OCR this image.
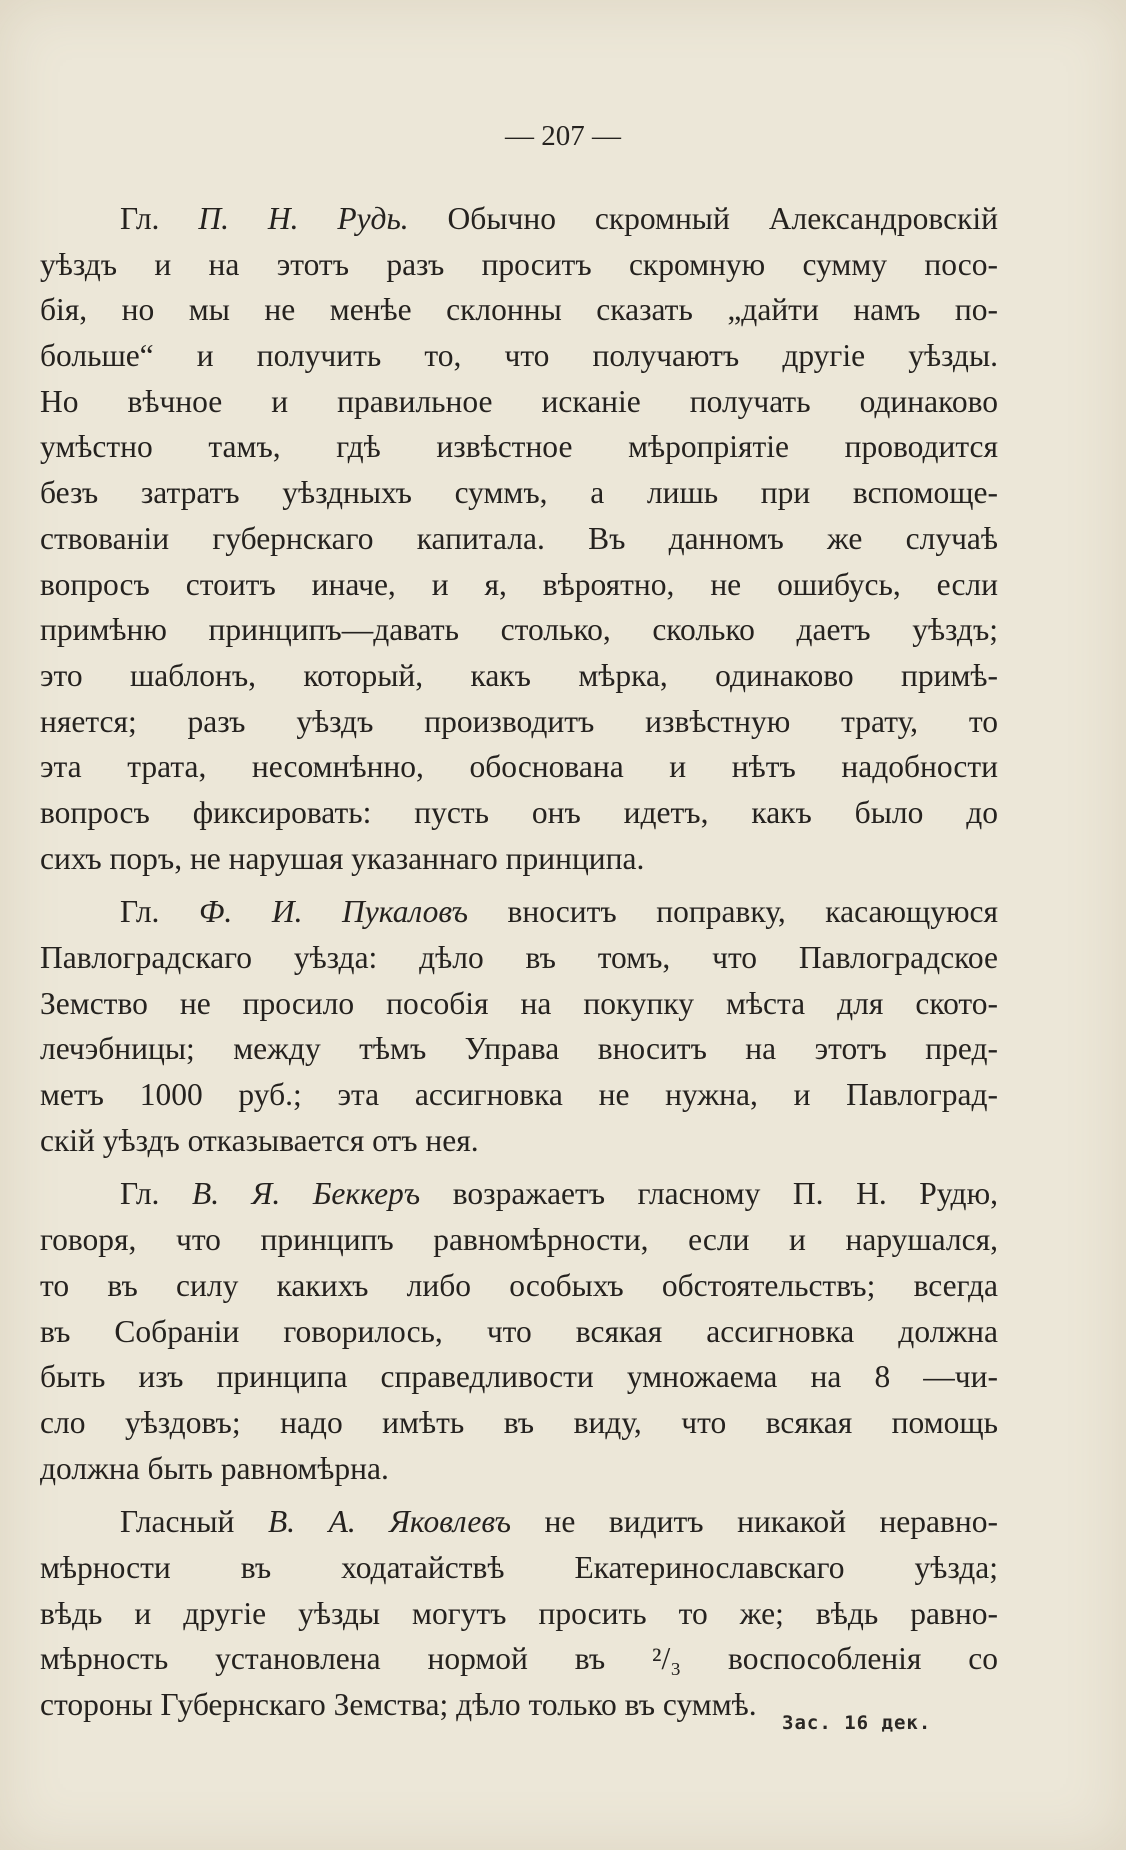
— 207 —
Гл. П. Н. Рудь. Обычно скромный Александровскій
уѣздъ и на этотъ разъ проситъ скромную сумму посо-
бія, но мы не менѣе склонны сказать „дайти намъ по-
больше“ и получить то, что получаютъ другіе уѣзды.
Но вѣчное и правильное исканіе получать одинаково
умѣстно тамъ, гдѣ извѣстное мѣропріятіе проводится
безъ затратъ уѣздныхъ суммъ, а лишь при вспомоще-
ствованіи губернскаго капитала. Въ данномъ же случаѣ
вопросъ стоитъ иначе, и я, вѣроятно, не ошибусь, если
примѣню принципъ—давать столько, сколько даетъ уѣздъ;
это шаблонъ, который, какъ мѣрка, одинаково примѣ-
няется; разъ уѣздъ производитъ извѣстную трату, то
эта трата, несомнѣнно, обоснована и нѣтъ надобности
вопросъ фиксировать: пусть онъ идетъ, какъ было до
сихъ поръ, не нарушая указаннаго принципа.
Гл. Ф. И. Пукаловъ вноситъ поправку, касающуюся
Павлоградскаго уѣзда: дѣло въ томъ, что Павлоградское
Земство не просило пособія на покупку мѣста для ското-
лечэбницы; между тѣмъ Управа вноситъ на этотъ пред-
метъ 1000 руб.; эта ассигновка не нужна, и Павлоград-
скій уѣздъ отказывается отъ нея.
Гл. В. Я. Беккеръ возражаетъ гласному П. Н. Рудю,
говоря, что принципъ равномѣрности, если и нарушался,
то въ силу какихъ либо особыхъ обстоятельствъ; всегда
въ Собраніи говорилось, что всякая ассигновка должна
быть изъ принципа справедливости умножаема на 8 —чи-
сло уѣздовъ; надо имѣть въ виду, что всякая помощь
должна быть равномѣрна.
Гласный В. А. Яковлевъ не видитъ никакой неравно-
мѣрности въ ходатайствѣ Екатеринославскаго уѣзда;
вѣдь и другіе уѣзды могутъ просить то же; вѣдь равно-
мѣрность установлена нормой въ ²/₃ воспособленія со
стороны Губернскаго Земства; дѣло только въ суммѣ.
Зас. 16 дек.
